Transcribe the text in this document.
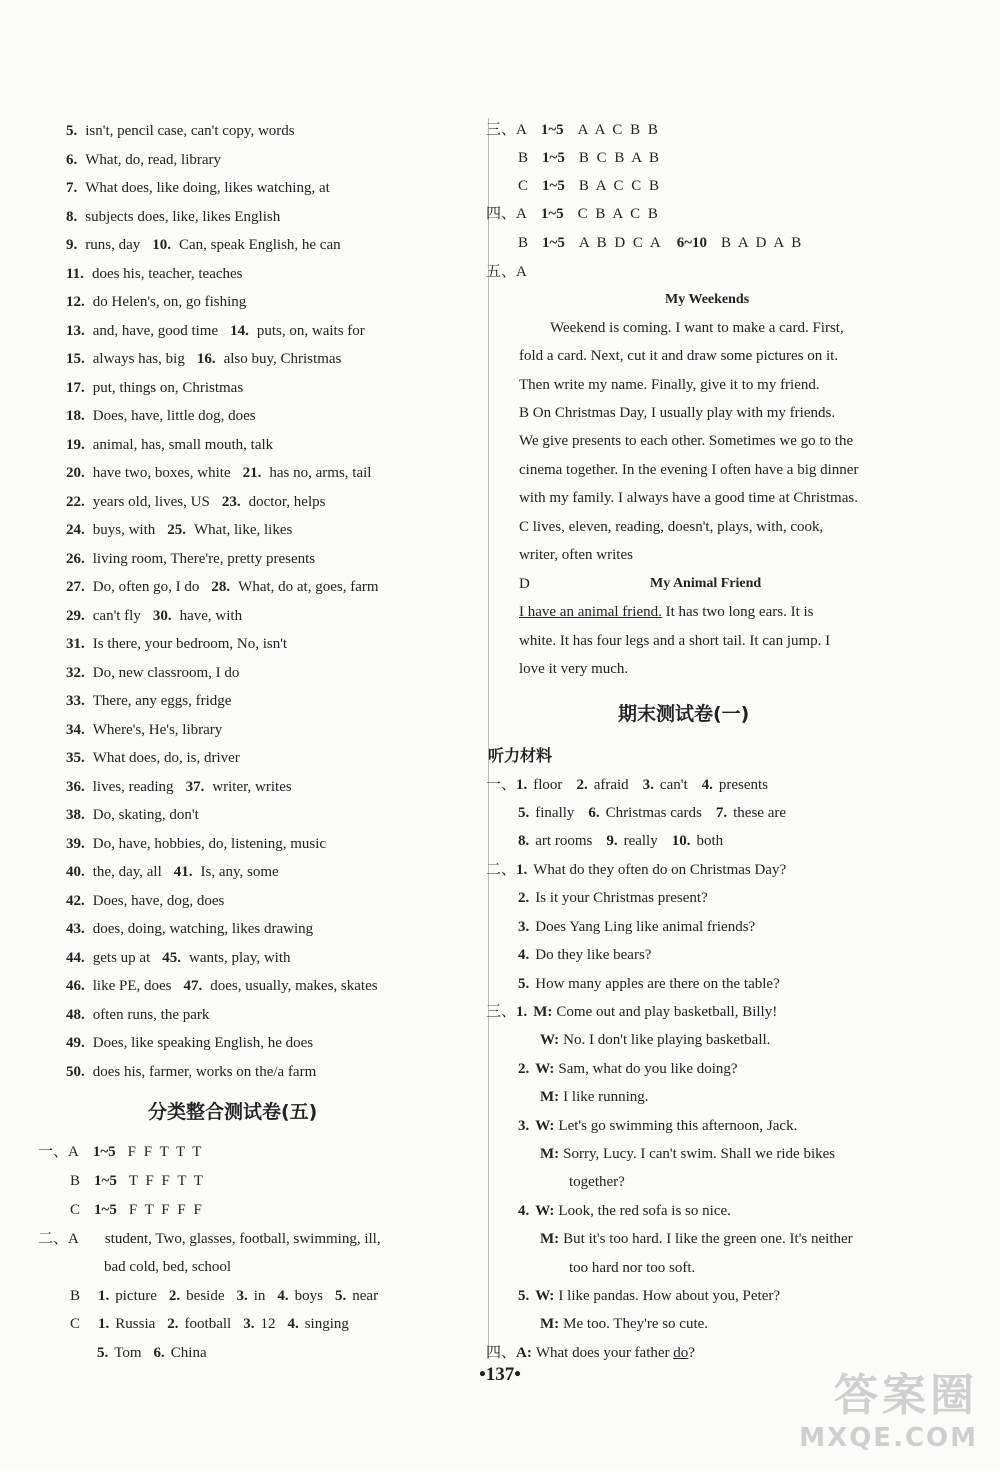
5. isn't, pencil case, can't copy, words
6. What, do, read, library
7. What does, like doing, likes watching, at
8. subjects does, like, likes English
9. runs, day 10. Can, speak English, he can
11. does his, teacher, teaches
12. do Helen's, on, go fishing
13. and, have, good time 14. puts, on, waits for
15. always has, big 16. also buy, Christmas
17. put, things on, Christmas
18. Does, have, little dog, does
19. animal, has, small mouth, talk
20. have two, boxes, white 21. has no, arms, tail
22. years old, lives, US 23. doctor, helps
24. buys, with 25. What, like, likes
26. living room, There're, pretty presents
27. Do, often go, I do 28. What, do at, goes, farm
29. can't fly 30. have, with
31. Is there, your bedroom, No, isn't
32. Do, new classroom, I do
33. There, any eggs, fridge
34. Where's, He's, library
35. What does, do, is, driver
36. lives, reading 37. writer, writes
38. Do, skating, don't
39. Do, have, hobbies, do, listening, music
40. the, day, all 41. Is, any, some
42. Does, have, dog, does
43. does, doing, watching, likes drawing
44. gets up at 45. wants, play, with
46. like PE, does 47. does, usually, makes, skates
48. often runs, the park
49. Does, like speaking English, he does
50. does his, farmer, works on the/a farm
分类整合测试卷(五)
一、A 1~5 F F T T T
B 1~5 T F F T T
C 1~5 F T F F F
二、A student, Two, glasses, football, swimming, ill,
bad cold, bed, school
B 1. picture 2. beside 3. in 4. boys 5. near
C 1. Russia 2. football 3. 12 4. singing
5. Tom 6. China
三、A 1~5 A A C B B
B 1~5 B C B A B
C 1~5 B A C C B
四、A 1~5 C B A C B
B 1~5 A B D C A 6~10 B A D A B
五、A
My Weekends
Weekend is coming. I want to make a card. First,
fold a card. Next, cut it and draw some pictures on it.
Then write my name. Finally, give it to my friend.
B On Christmas Day, I usually play with my friends.
We give presents to each other. Sometimes we go to the
cinema together. In the evening I often have a big dinner
with my family. I always have a good time at Christmas.
C lives, eleven, reading, doesn't, plays, with, cook,
writer, often writes
D	My Animal Friend
I have an animal friend. It has two long ears. It is
white. It has four legs and a short tail. It can jump. I
love it very much.
期末测试卷(一)
听力材料
一、1. floor 2. afraid 3. can't 4. presents
5. finally 6. Christmas cards 7. these are
8. art rooms 9. really 10. both
二、1. What do they often do on Christmas Day?
2. Is it your Christmas present?
3. Does Yang Ling like animal friends?
4. Do they like bears?
5. How many apples are there on the table?
三、1. M: Come out and play basketball, Billy!
W: No. I don't like playing basketball.
2. W: Sam, what do you like doing?
M: I like running.
3. W: Let's go swimming this afternoon, Jack.
M: Sorry, Lucy. I can't swim. Shall we ride bikes
together?
4. W: Look, the red sofa is so nice.
M: But it's too hard. I like the green one. It's neither
too hard nor too soft.
5. W: I like pandas. How about you, Peter?
M: Me too. They're so cute.
四、A: What does your father do?
•137•	答案圈
MXQE.COM
